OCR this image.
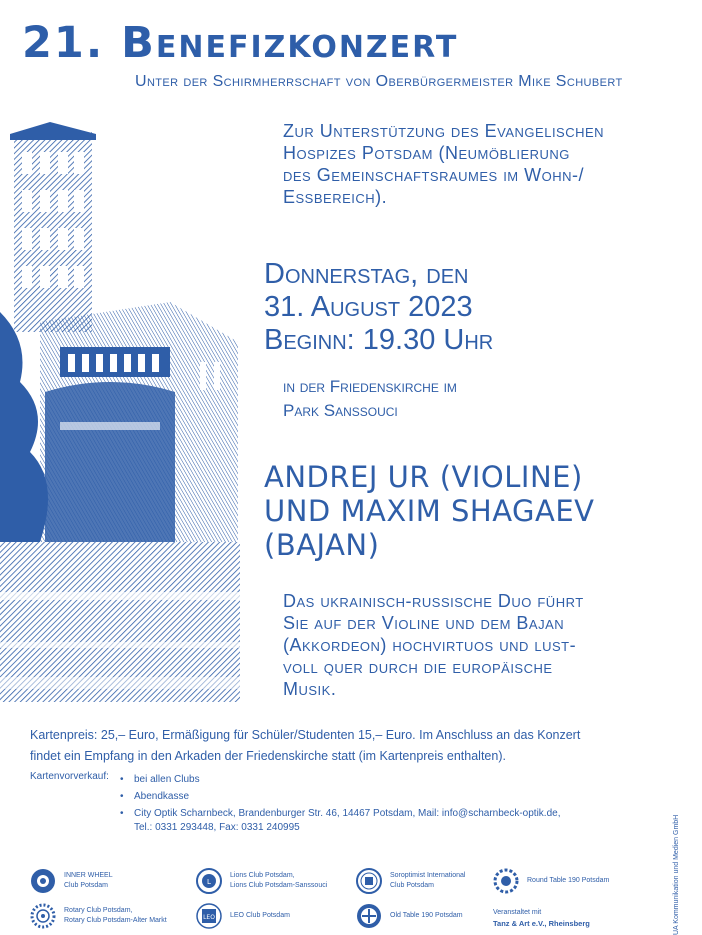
21. Benefizkonzert
Unter der Schirmherrschaft von Oberbürgermeister Mike Schubert
Zur Unterstützung des Evangelischen
Hospizes Potsdam (Neumöblierung
des Gemeinschaftsraumes im Wohn-/
Essbereich).
Donnerstag, den
31. August 2023
Beginn: 19.30 Uhr
in der Friedenskirche im
Park Sanssouci
ANDREJ UR (VIOLINE)
UND MAXIM SHAGAEV
(BAJAN)
Das ukrainisch-russische Duo führt
Sie auf der Violine und dem Bajan
(Akkordeon) hochvirtuos und lust-
voll quer durch die europäische
Musik.
Kartenpreis: 25,– Euro, Ermäßigung für Schüler/Studenten 15,– Euro. Im Anschluss an das Konzert
findet ein Empfang in den Arkaden der Friedenskirche statt (im Kartenpreis enthalten).
Kartenvorverkauf:
•	bei allen Clubs
• Abendkasse
• City Optik Scharnbeck, Brandenburger Str. 46, 14467 Potsdam, Mail: info@scharnbeck-optik.de,
Tel.: 0331 293448, Fax: 0331 240995
INNER WHEEL
Club Potsdam	L
Lions Club Potsdam,
Lions Club Potsdam-Sanssouci
Soroptimist International
Club Potsdam
Round Table 190 Potsdam
Rotary Club Potsdam,
Rotary Club Potsdam-Alter Markt	LEO LEO Club Potsdam	Old Table 190 Potsdam	Veranstaltet mit
Tanz & Art e.V., Rheinsberg	UA Kommunikation und Medien GmbH
